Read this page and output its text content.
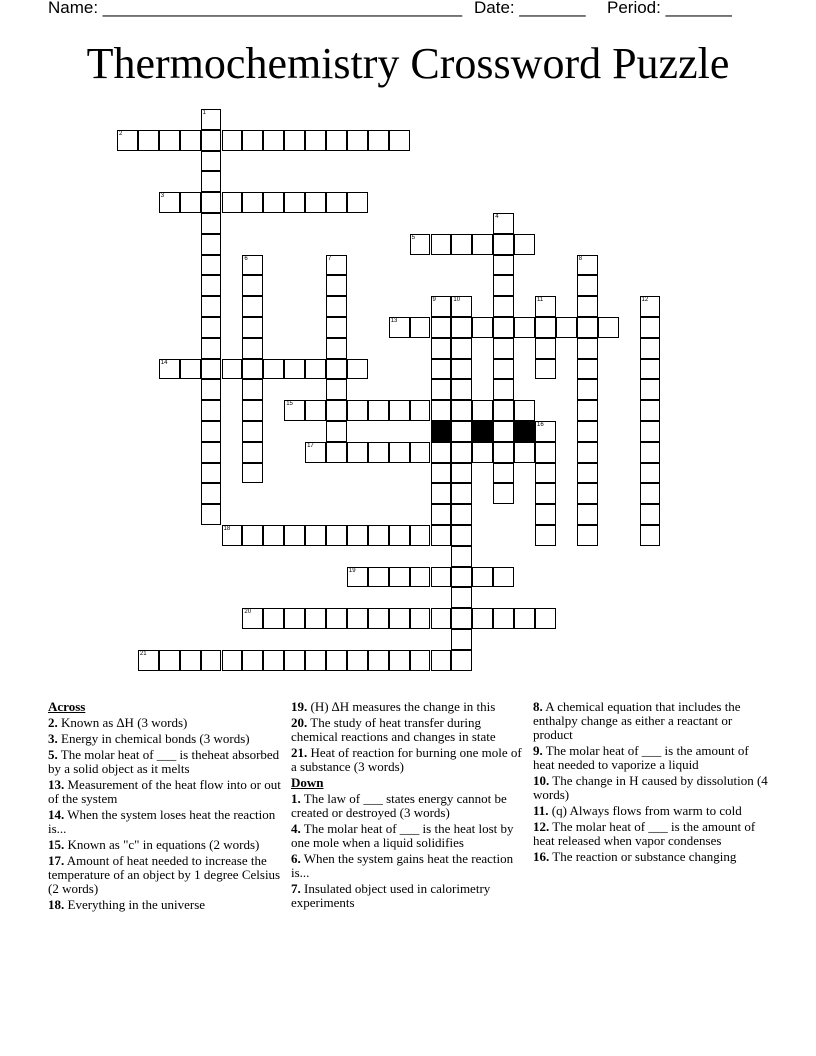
Name: ______________________________________ Date: _______ Period: _______
Thermochemistry Crossword Puzzle
2
3
5
13
14
15
17
18
19
20
21
1
4
6	7	8
9	10	11	12
16
Across
2. Known as ∆H (3 words)
3. Energy in chemical bonds (3 words)
5. The molar heat of ___ is theheat absorbed by a solid object as it melts
13. Measurement of the heat flow into or out of the system
14. When the system loses heat the reaction is...
15. Known as "c" in equations (2 words)
17. Amount of heat needed to increase the temperature of an object by 1 degree Celsius (2 words)
18. Everything in the universe
19. (H) ∆H measures the change in this
20. The study of heat transfer during chemical reactions and changes in state
21. Heat of reaction for burning one mole of a substance (3 words)
Down
1. The law of ___ states energy cannot be created or destroyed (3 words)
4. The molar heat of ___ is the heat lost by one mole when a liquid solidifies
6. When the system gains heat the reaction is...
7. Insulated object used in calorimetry experiments
8. A chemical equation that includes the enthalpy change as either a reactant or product
9. The molar heat of ___ is the amount of heat needed to vaporize a liquid
10. The change in H caused by dissolution (4 words)
11. (q) Always flows from warm to cold
12. The molar heat of ___ is the amount of heat released when vapor condenses
16. The reaction or substance changing
